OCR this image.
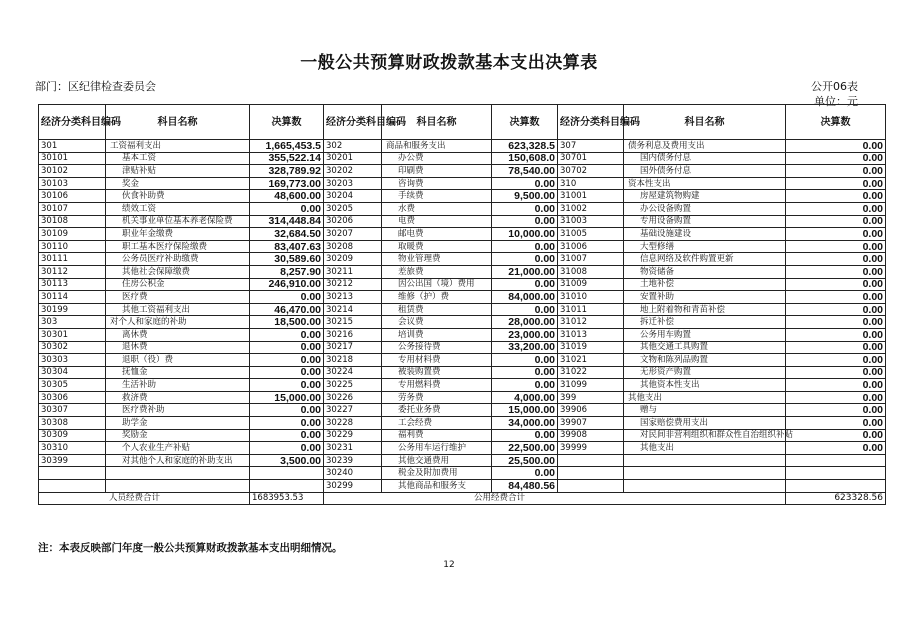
一般公共预算财政拨款基本支出决算表
部门：区纪律检查委员会	公开06表
单位：元
经济分类科目编码	科目名称	决算数	经济分类科目编码	科目名称	决算数	经济分类科目编码	科目名称	决算数
301	工资福利支出	1,665,453.5	302	商品和服务支出	623,328.5	307	债务利息及费用支出	0.00
30101	基本工资	355,522.14	30201	办公费	150,608.0	30701	国内债务付息	0.00
30102	津贴补贴	328,789.92	30202	印刷费	78,540.00	30702	国外债务付息	0.00
30103	奖金	169,773.00	30203	咨询费	0.00	310	资本性支出	0.00
30106	伙食补助费	48,600.00	30204	手续费	9,500.00	31001	房屋建筑物购建	0.00
30107	绩效工资	0.00	30205	水费	0.00	31002	办公设备购置	0.00
30108	机关事业单位基本养老保险费	314,448.84	30206	电费	0.00	31003	专用设备购置	0.00
30109	职业年金缴费	32,684.50	30207	邮电费	10,000.00	31005	基础设施建设	0.00
30110	职工基本医疗保险缴费	83,407.63	30208	取暖费	0.00	31006	大型修缮	0.00
30111	公务员医疗补助缴费	30,589.60	30209	物业管理费	0.00	31007	信息网络及软件购置更新	0.00
30112	其他社会保障缴费	8,257.90	30211	差旅费	21,000.00	31008	物资储备	0.00
30113	住房公积金	246,910.00	30212	因公出国（境）费用	0.00	31009	土地补偿	0.00
30114	医疗费	0.00	30213	维修（护）费	84,000.00	31010	安置补助	0.00
30199	其他工资福利支出	46,470.00	30214	租赁费	0.00	31011	地上附着物和青苗补偿	0.00
303	对个人和家庭的补助	18,500.00	30215	会议费	28,000.00	31012	拆迁补偿	0.00
30301	离休费	0.00	30216	培训费	23,000.00	31013	公务用车购置	0.00
30302	退休费	0.00	30217	公务接待费	33,200.00	31019	其他交通工具购置	0.00
30303	退职（役）费	0.00	30218	专用材料费	0.00	31021	文物和陈列品购置	0.00
30304	抚恤金	0.00	30224	被装购置费	0.00	31022	无形资产购置	0.00
30305	生活补助	0.00	30225	专用燃料费	0.00	31099	其他资本性支出	0.00
30306	救济费	15,000.00	30226	劳务费	4,000.00	399	其他支出	0.00
30307	医疗费补助	0.00	30227	委托业务费	15,000.00	39906	赠与	0.00
30308	助学金	0.00	30228	工会经费	34,000.00	39907	国家赔偿费用支出	0.00
30309	奖励金	0.00	30229	福利费	0.00	39908	对民间非营利组织和群众性自治组织补贴	0.00
30310	个人农业生产补贴	0.00	30231	公务用车运行维护	22,500.00	39999	其他支出	0.00
30399	对其他个人和家庭的补助支出	3,500.00	30239	其他交通费用	25,500.00			
			30240	税金及附加费用	0.00			
			30299	其他商品和服务支	84,480.56			
人员经费合计		1683953.53	公用经费合计					623328.56
注：本表反映部门年度一般公共预算财政拨款基本支出明细情况。
12
